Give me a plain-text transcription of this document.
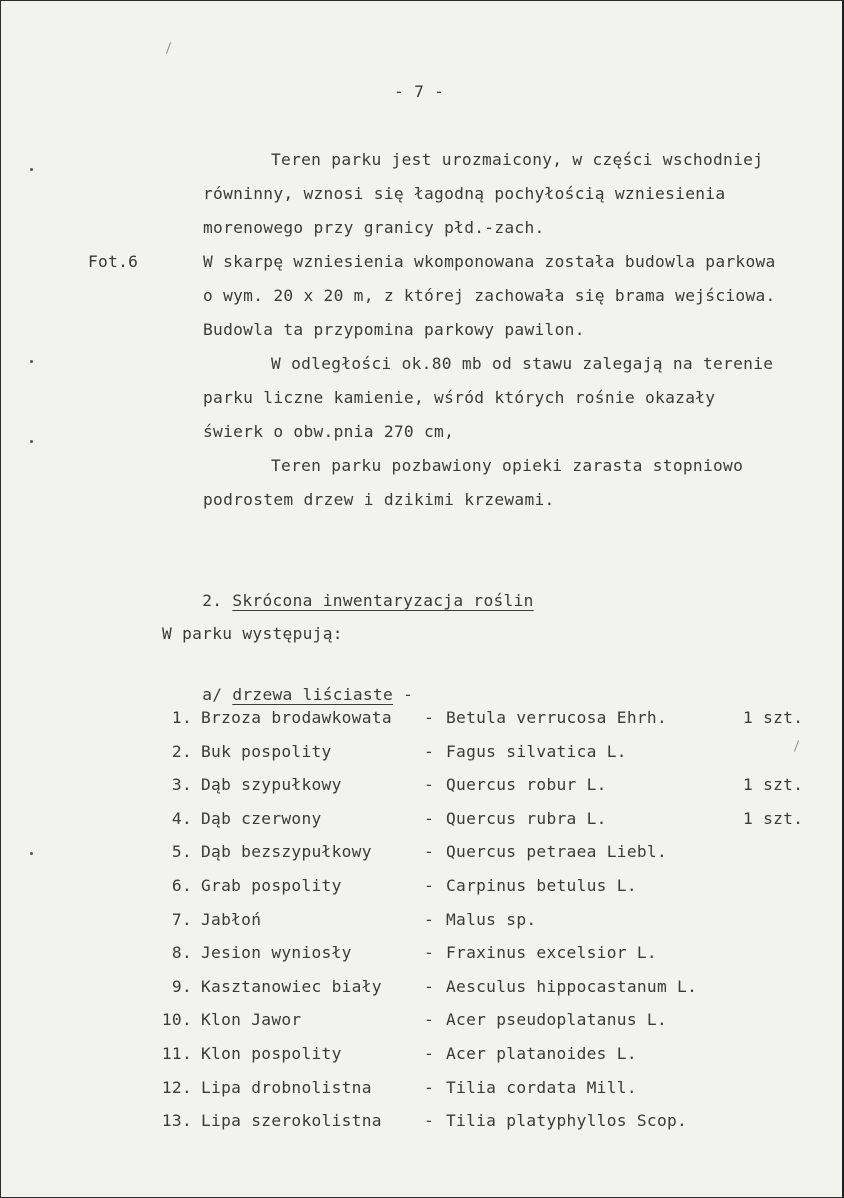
- 7 -
Teren parku jest urozmaicony, w części wschodniej
równinny, wznosi się łagodną pochyłością wzniesienia
morenowego przy granicy płd.-zach.
Fot.6	W skarpę wzniesienia wkomponowana została budowla parkowa
o wym. 20 x 20 m, z której zachowała się brama wejściowa.
Budowla ta przypomina parkowy pawilon.
W odległości ok.80 mb od stawu zalegają na terenie
parku liczne kamienie, wśród których rośnie okazały
świerk o obw.pnia 270 cm,
Teren parku pozbawiony opieki zarasta stopniowo
podrostem drzew i dzikimi krzewami.

2. Skrócona inwentaryzacja roślin

W parku występują:

a/ drzewa liściaste -

1. Brzoza brodawkowata - Betula verrucosa Ehrh.	1 szt.
2. Buk pospolity	- Fagus silvatica L.
3. Dąb szypułkowy	- Quercus robur L.	1 szt.
4. Dąb czerwony	- Quercus rubra L.	1 szt.
5. Dąb bezszypułkowy	- Quercus petraea Liebl.
6. Grab pospolity	- Carpinus betulus L.
7. Jabłoń	- Malus sp.
8. Jesion wyniosły	- Fraxinus excelsior L.
9. Kasztanowiec biały	- Aesculus hippocastanum L.
10. Klon Jawor	- Acer pseudoplatanus L.
11. Klon pospolity	- Acer platanoides L.
12. Lipa drobnolistna	- Tilia cordata Mill.
13. Lipa szerokolistna	- Tilia platyphyllos Scop.
